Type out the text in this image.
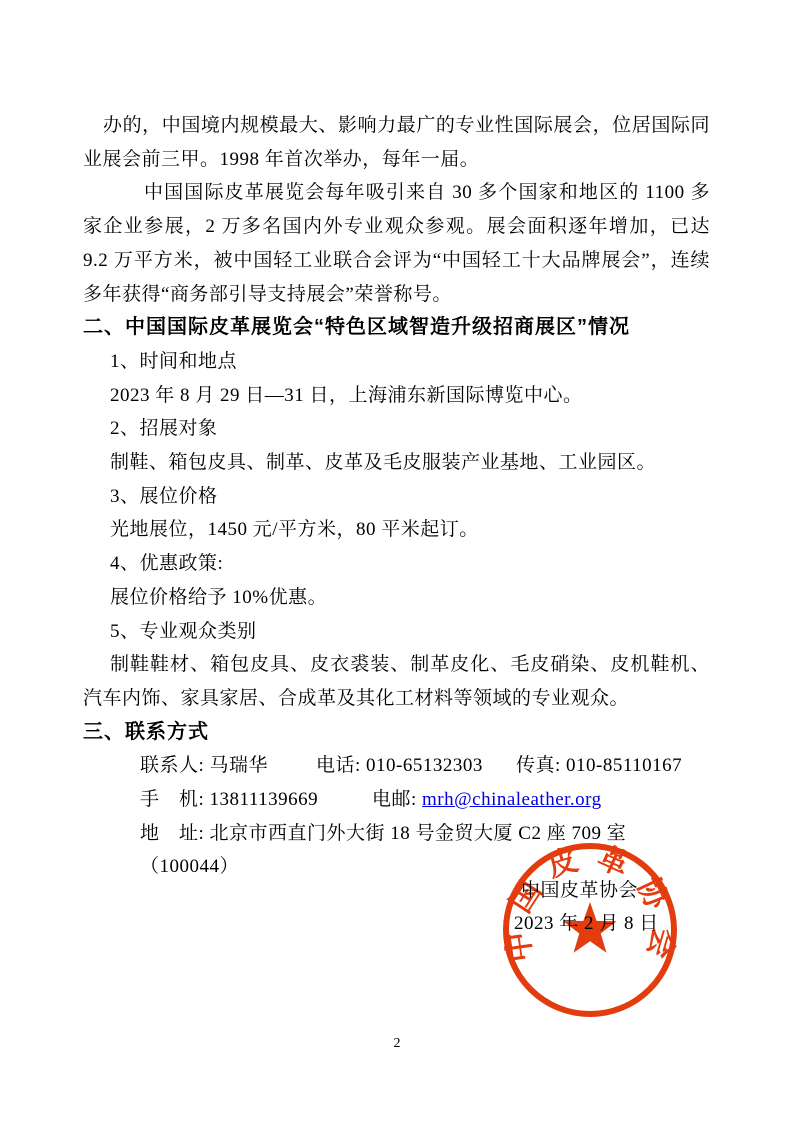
办的，中国境内规模最大、影响力最广的专业性国际展会，位居国际同业展会前三甲。1998 年首次举办，每年一届。

中国国际皮革展览会每年吸引来自 30 多个国家和地区的 1100 多家企业参展，2 万多名国内外专业观众参观。展会面积逐年增加，已达 9.2 万平方米，被中国轻工业联合会评为“中国轻工十大品牌展会”，连续多年获得“商务部引导支持展会”荣誉称号。

二、中国国际皮革展览会“特色区域智造升级招商展区”情况

1、时间和地点

2023 年 8 月 29 日—31 日，上海浦东新国际博览中心。

2、招展对象

制鞋、箱包皮具、制革、皮革及毛皮服装产业基地、工业园区。

3、展位价格

光地展位，1450 元/平方米，80 平米起订。

4、优惠政策:

展位价格给予 10%优惠。

5、专业观众类别

制鞋鞋材、箱包皮具、皮衣裘装、制革皮化、毛皮硝染、皮机鞋机、汽车内饰、家具家居、合成革及其化工材料等领域的专业观众。

三、联系方式

联系人: 马瑞华	电话: 010-65132303	传真: 010-85110167
手　机: 13811139669	电邮: mrh@chinaleather.org
地　址: 北京市西直门外大街 18 号金贸大厦 C2 座 709 室（100044）
中国皮革协会
中国皮革协会
2023 年 2 月 8 日
2
